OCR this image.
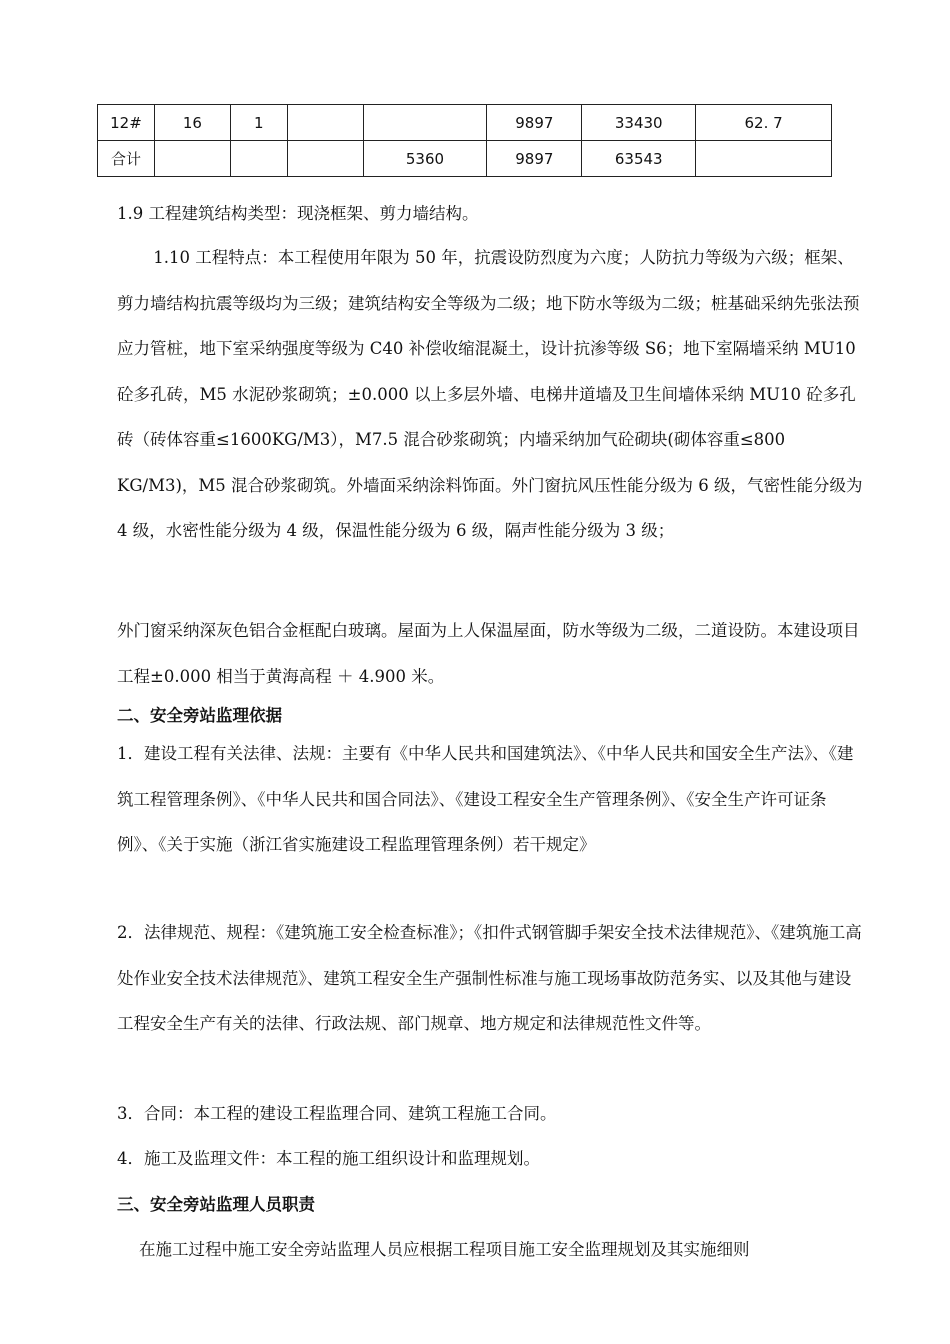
12#	16	1			9897	33430	62. 7
合计				5360	9897	63543	
1.9 工程建筑结构类型：现浇框架、剪力墙结构。

1.10 工程特点：本工程使用年限为 50 年，抗震设防烈度为六度；人防抗力等级为六级；框架、剪力墙结构抗震等级均为三级；建筑结构安全等级为二级；地下防水等级为二级；桩基础采纳先张法预应力管桩，地下室采纳强度等级为 C40 补偿收缩混凝土，设计抗渗等级 S6；地下室隔墙采纳 MU10 砼多孔砖，M5 水泥砂浆砌筑；±0.000 以上多层外墙、电梯井道墙及卫生间墙体采纳 MU10 砼多孔砖（砖体容重≤1600KG/M3），M7.5 混合砂浆砌筑；内墙采纳加气砼砌块(砌体容重≤800 KG/M3)，M5 混合砂浆砌筑。外墙面采纳涂料饰面。外门窗抗风压性能分级为 6 级，气密性能分级为 4 级，水密性能分级为 4 级，保温性能分级为 6 级，隔声性能分级为 3 级；

外门窗采纳深灰色铝合金框配白玻璃。屋面为上人保温屋面，防水等级为二级，二道设防。本建设项目工程±0.000 相当于黄海高程 ＋ 4.900 米。

二、安全旁站监理依据

1．建设工程有关法律、法规：主要有《中华人民共和国建筑法》、《中华人民共和国安全生产法》、《建筑工程管理条例》、《中华人民共和国合同法》、《建设工程安全生产管理条例》、《安全生产许可证条例》、《关于实施（浙江省实施建设工程监理管理条例）若干规定》

2．法律规范、规程：《建筑施工安全检查标准》；《扣件式钢管脚手架安全技术法律规范》、《建筑施工高处作业安全技术法律规范》、建筑工程安全生产强制性标准与施工现场事故防范务实、以及其他与建设工程安全生产有关的法律、行政法规、部门规章、地方规定和法律规范性文件等。

3．合同：本工程的建设工程监理合同、建筑工程施工合同。
4．施工及监理文件：本工程的施工组织设计和监理规划。
三、安全旁站监理人员职责
在施工过程中施工安全旁站监理人员应根据工程项目施工安全监理规划及其实施细则
